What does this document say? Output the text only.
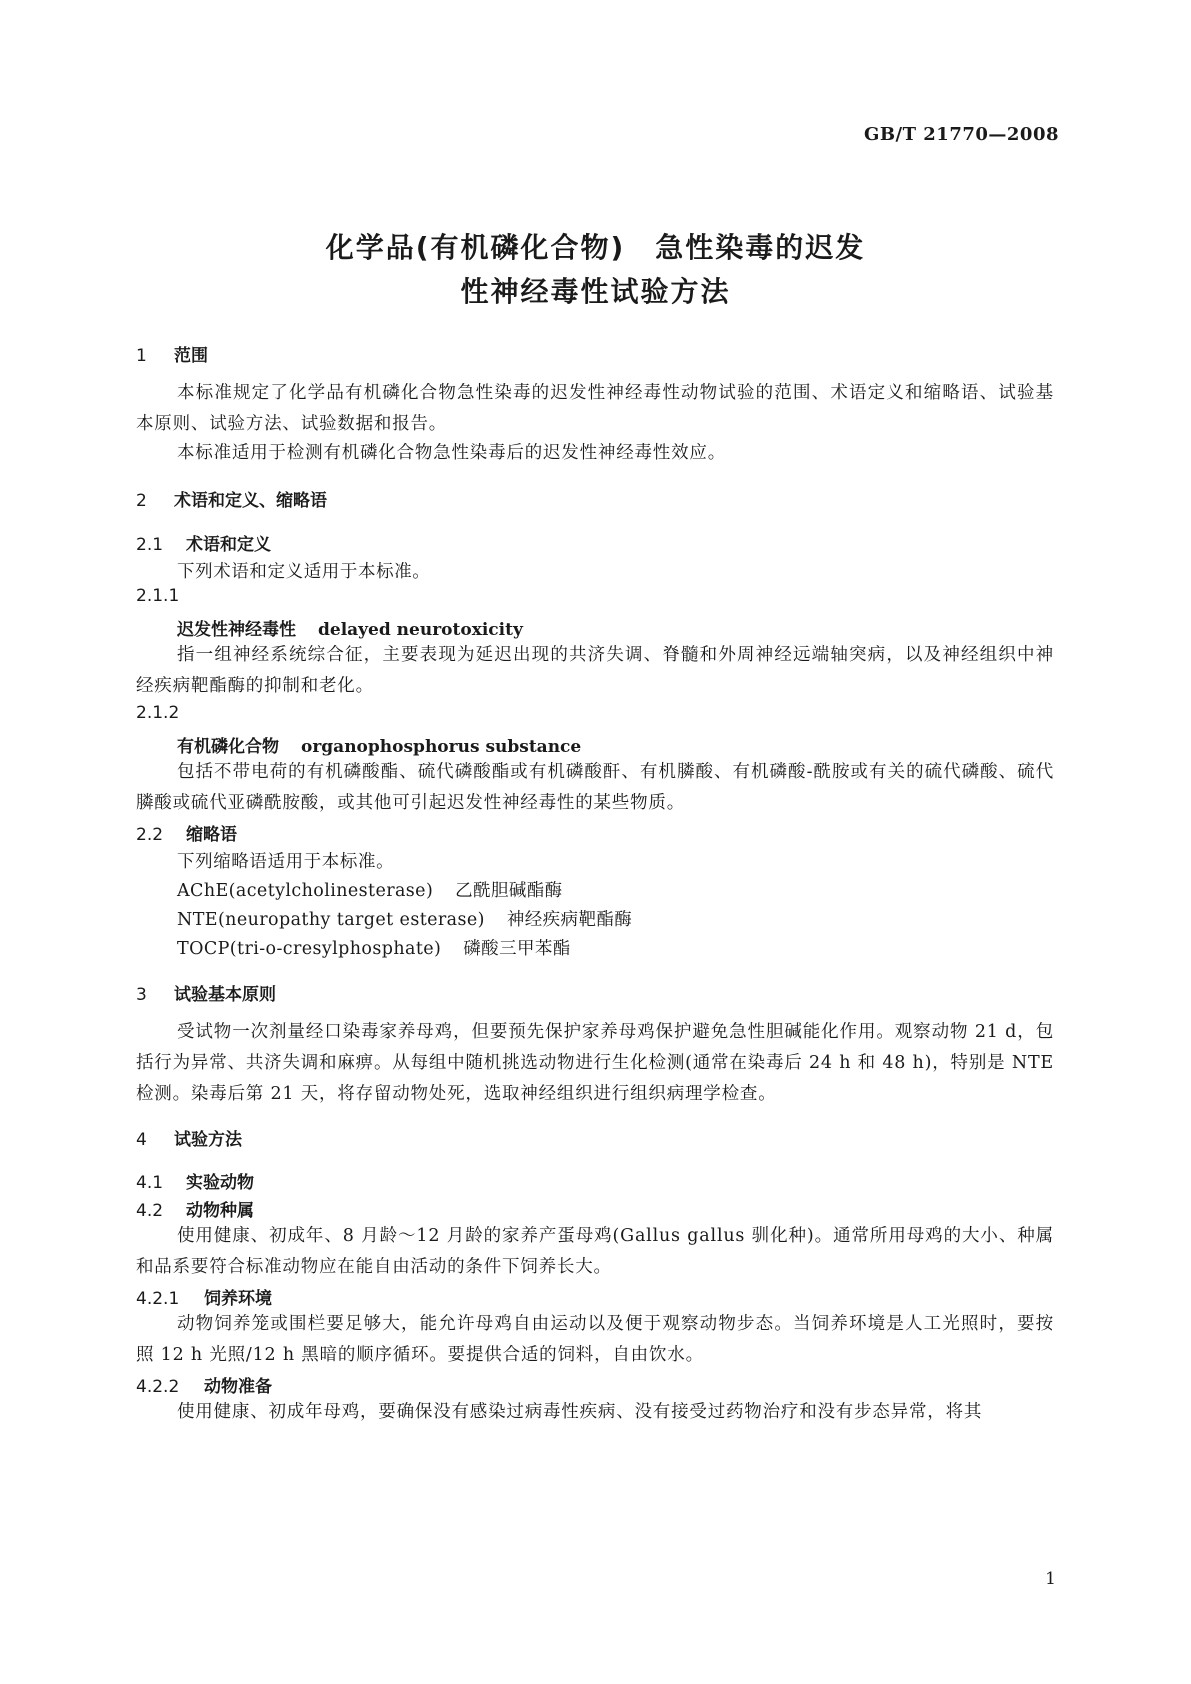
GB/T 21770—2008
化学品(有机磷化合物)　急性染毒的迟发
性神经毒性试验方法
1 范围
本标准规定了化学品有机磷化合物急性染毒的迟发性神经毒性动物试验的范围、术语定义和缩略语、试验基本原则、试验方法、试验数据和报告。
本标准适用于检测有机磷化合物急性染毒后的迟发性神经毒性效应。
2 术语和定义、缩略语
2.1 术语和定义
下列术语和定义适用于本标准。
2.1.1
迟发性神经毒性 delayed neurotoxicity
指一组神经系统综合征，主要表现为延迟出现的共济失调、脊髓和外周神经远端轴突病，以及神经组织中神经疾病靶酯酶的抑制和老化。
2.1.2
有机磷化合物 organophosphorus substance
包括不带电荷的有机磷酸酯、硫代磷酸酯或有机磷酸酐、有机膦酸、有机磷酸-酰胺或有关的硫代磷酸、硫代膦酸或硫代亚磷酰胺酸，或其他可引起迟发性神经毒性的某些物质。
2.2 缩略语
下列缩略语适用于本标准。
AChE(acetylcholinesterase) 乙酰胆碱酯酶
NTE(neuropathy target esterase) 神经疾病靶酯酶
TOCP(tri-o-cresylphosphate) 磷酸三甲苯酯
3 试验基本原则
受试物一次剂量经口染毒家养母鸡，但要预先保护家养母鸡保护避免急性胆碱能化作用。观察动物 21 d，包括行为异常、共济失调和麻痹。从每组中随机挑选动物进行生化检测(通常在染毒后 24 h 和 48 h)，特别是 NTE 检测。染毒后第 21 天，将存留动物处死，选取神经组织进行组织病理学检查。
4 试验方法
4.1 实验动物
4.2 动物种属
使用健康、初成年、8 月龄～12 月龄的家养产蛋母鸡(Gallus gallus 驯化种)。通常所用母鸡的大小、种属和品系要符合标准动物应在能自由活动的条件下饲养长大。
4.2.1 饲养环境
动物饲养笼或围栏要足够大，能允许母鸡自由运动以及便于观察动物步态。当饲养环境是人工光照时，要按照 12 h 光照/12 h 黑暗的顺序循环。要提供合适的饲料，自由饮水。
4.2.2 动物准备
使用健康、初成年母鸡，要确保没有感染过病毒性疾病、没有接受过药物治疗和没有步态异常，将其
1
